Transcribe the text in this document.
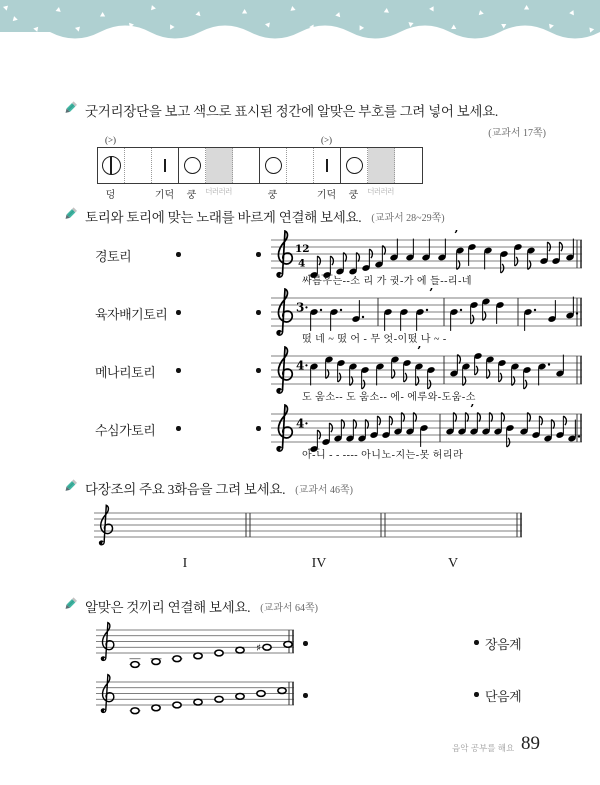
굿거리장단을 보고 색으로 표시된 정간에 알맞은 부호를 그려 넣어 보세요.
(교과서 17쪽)
(>)	(>)
덩	기덕	쿵	더러러러	쿵	기덕	쿵	더러러러
토리와 토리에 맞는 노래를 바르게 연결해 보세요. (교과서 28~29쪽)
경토리
12
4
’
싸름우는--소 리 가 귓-가 에 들--리-네
육자배기토리	3·
’
떴 네 ~ 떴 어 - 무 엇-이떴 나 ~ -
메나리토리	4·
’
도 움소-- 도 움소-- 에- 에루와-도움-소
수심가토리	4·
’
아-니 - - ---- 아니노-지는-못 허리라
다장조의 주요 3화음을 그려 보세요. (교과서 46쪽)
I	IV	V
알맞은 것끼리 연결해 보세요. (교과서 64쪽)
♯	장음계
단음계
음악 공부를 해요 89
